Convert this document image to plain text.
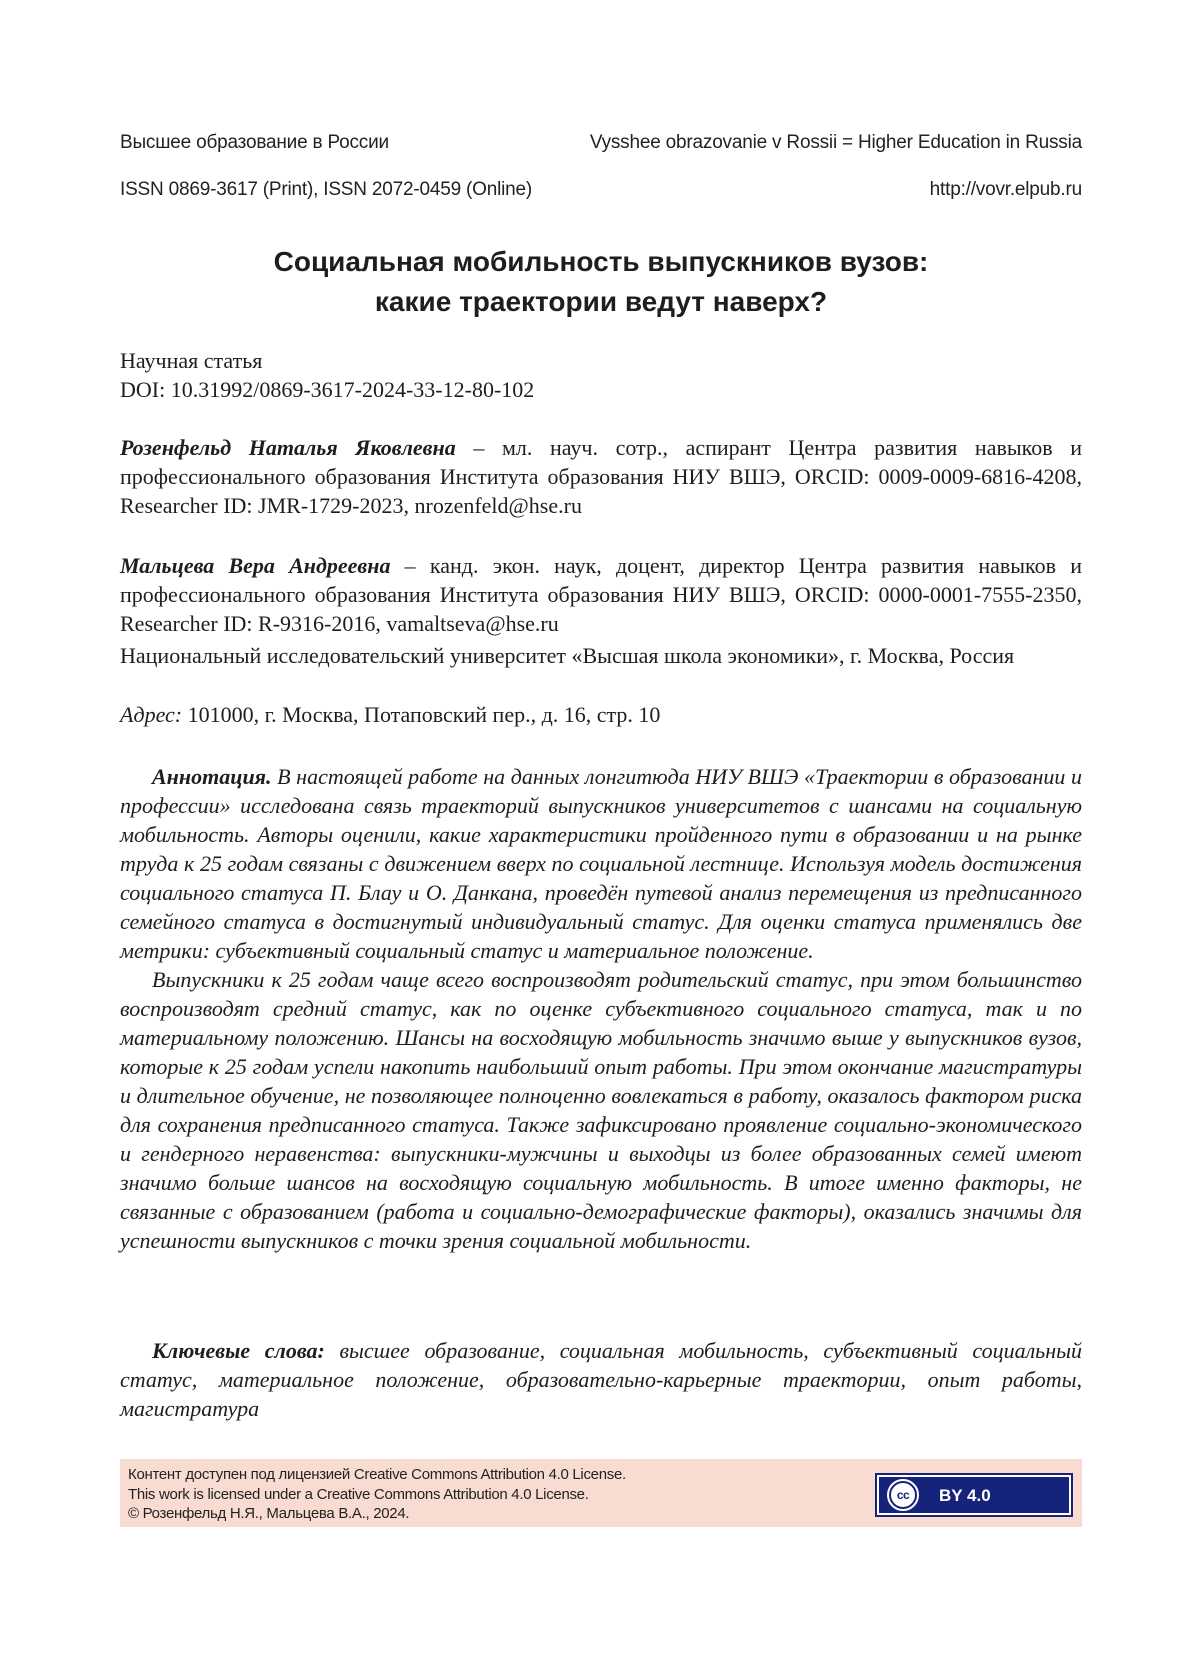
Высшее образование в России	Vysshee obrazovanie v Rossii = Higher Education in Russia
ISSN 0869-3617 (Print), ISSN 2072-0459 (Online)	http://vovr.elpub.ru
Социальная мобильность выпускников вузов:
какие траектории ведут наверх?
Научная статья
DOI: 10.31992/0869-3617-2024-33-12-80-102
Розенфельд Наталья Яковлевна – мл. науч. сотр., аспирант Центра развития навыков и профессионального образования Института образования НИУ ВШЭ, ORCID: 0009-0009-6816-4208, Researcher ID: JMR-1729-2023, nrozenfeld@hse.ru
Мальцева Вера Андреевна – канд. экон. наук, доцент, директор Центра развития навыков и профессионального образования Института образования НИУ ВШЭ, ORCID: 0000-0001-7555-2350, Researcher ID: R-9316-2016, vamaltseva@hse.ru
Национальный исследовательский университет «Высшая школа экономики», г. Москва, Россия
Адрес: 101000, г. Москва, Потаповский пер., д. 16, стр. 10

Аннотация. В настоящей работе на данных лонгитюда НИУ ВШЭ «Траектории в образовании и профессии» исследована связь траекторий выпускников университетов с шансами на социальную мобильность. Авторы оценили, какие характеристики пройденного пути в образовании и на рынке труда к 25 годам связаны с движением вверх по социальной лестнице. Используя модель достижения социального статуса П. Блау и О. Данкана, проведён путевой анализ перемещения из предписанного семейного статуса в достигнутый индивидуальный статус. Для оценки статуса применялись две метрики: субъективный социальный статус и материальное положение.

Выпускники к 25 годам чаще всего воспроизводят родительский статус, при этом большинство воспроизводят средний статус, как по оценке субъективного социального статуса, так и по материальному положению. Шансы на восходящую мобильность значимо выше у выпускников вузов, которые к 25 годам успели накопить наибольший опыт работы. При этом окончание магистратуры и длительное обучение, не позволяющее полноценно вовлекаться в работу, оказалось фактором риска для сохранения предписанного статуса. Также зафиксировано проявление социально-экономического и гендерного неравенства: выпускники-мужчины и выходцы из более образованных семей имеют значимо больше шансов на восходящую социальную мобильность. В итоге именно факторы, не связанные с образованием (работа и социально-демографические факторы), оказались значимы для успешности выпускников с точки зрения социальной мобильности.

Ключевые слова: высшее образование, социальная мобильность, субъективный социальный статус, материальное положение, образовательно-карьерные траектории, опыт работы, магистратура
Контент доступен под лицензией Creative Commons Attribution 4.0 License.
This work is licensed under a Creative Commons Attribution 4.0 License.
© Розенфельд Н.Я., Мальцева В.А., 2024.
cc	BY 4.0
